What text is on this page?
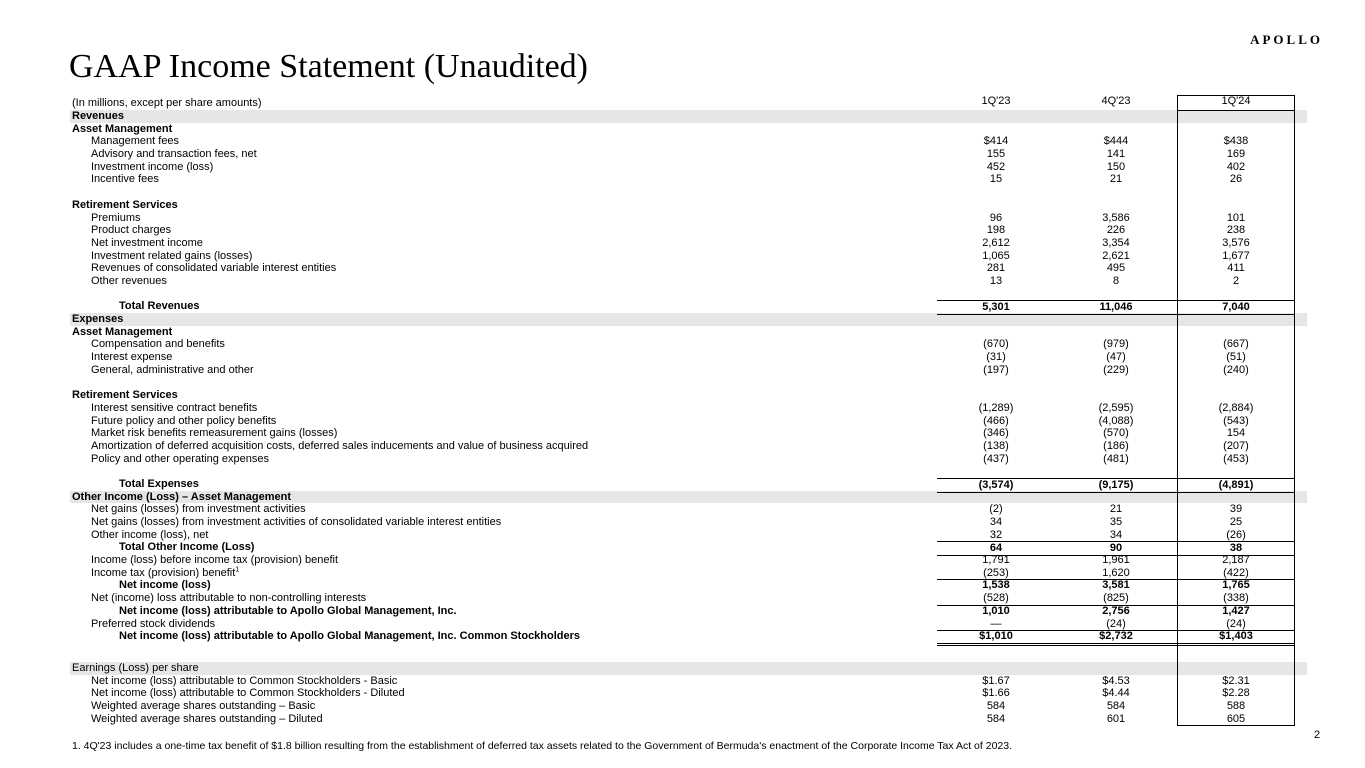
APOLLO
GAAP Income Statement (Unaudited)
(In millions, except per share amounts)	1Q'23	4Q'23	1Q'24
Revenues
Asset Management
Management fees	$414	$444	$438
Advisory and transaction fees, net	155	141	169
Investment income (loss)	452	150	402
Incentive fees	15	21	26
Retirement Services
Premiums	96	3,586	101
Product charges	198	226	238
Net investment income	2,612	3,354	3,576
Investment related gains (losses)	1,065	2,621	1,677
Revenues of consolidated variable interest entities	281	495	411
Other revenues	13	8	2
Total Revenues	5,301	11,046	7,040
Expenses
Asset Management
Compensation and benefits	(670)	(979)	(667)
Interest expense	(31)	(47)	(51)
General, administrative and other	(197)	(229)	(240)
Retirement Services
Interest sensitive contract benefits	(1,289)	(2,595)	(2,884)
Future policy and other policy benefits	(466)	(4,088)	(543)
Market risk benefits remeasurement gains (losses)	(346)	(570)	154
Amortization of deferred acquisition costs, deferred sales inducements and value of business acquired	(138)	(186)	(207)
Policy and other operating expenses	(437)	(481)	(453)
Total Expenses	(3,574)	(9,175)	(4,891)
Other Income (Loss) – Asset Management
Net gains (losses) from investment activities	(2)	21	39
Net gains (losses) from investment activities of consolidated variable interest entities	34	35	25
Other income (loss), net	32	34	(26)
Total Other Income (Loss)	64	90	38
Income (loss) before income tax (provision) benefit	1,791	1,961	2,187
Income tax (provision) benefit$^1$	(253)	1,620	(422)
Net income (loss)	1,538	3,581	1,765
Net (income) loss attributable to non-controlling interests	(528)	(825)	(338)
Net income (loss) attributable to Apollo Global Management, Inc.	1,010	2,756	1,427
Preferred stock dividends	—	(24)	(24)
Net income (loss) attributable to Apollo Global Management, Inc. Common Stockholders	$1,010	$2,732	$1,403
Earnings (Loss) per share
Net income (loss) attributable to Common Stockholders - Basic	$1.67	$4.53	$2.31
Net income (loss) attributable to Common Stockholders - Diluted	$1.66	$4.44	$2.28
Weighted average shares outstanding – Basic	584	584	588
Weighted average shares outstanding – Diluted	584	601	605
1. 4Q'23 includes a one-time tax benefit of $1.8 billion resulting from the establishment of deferred tax assets related to the Government of Bermuda's enactment of the Corporate Income Tax Act of 2023.
2
